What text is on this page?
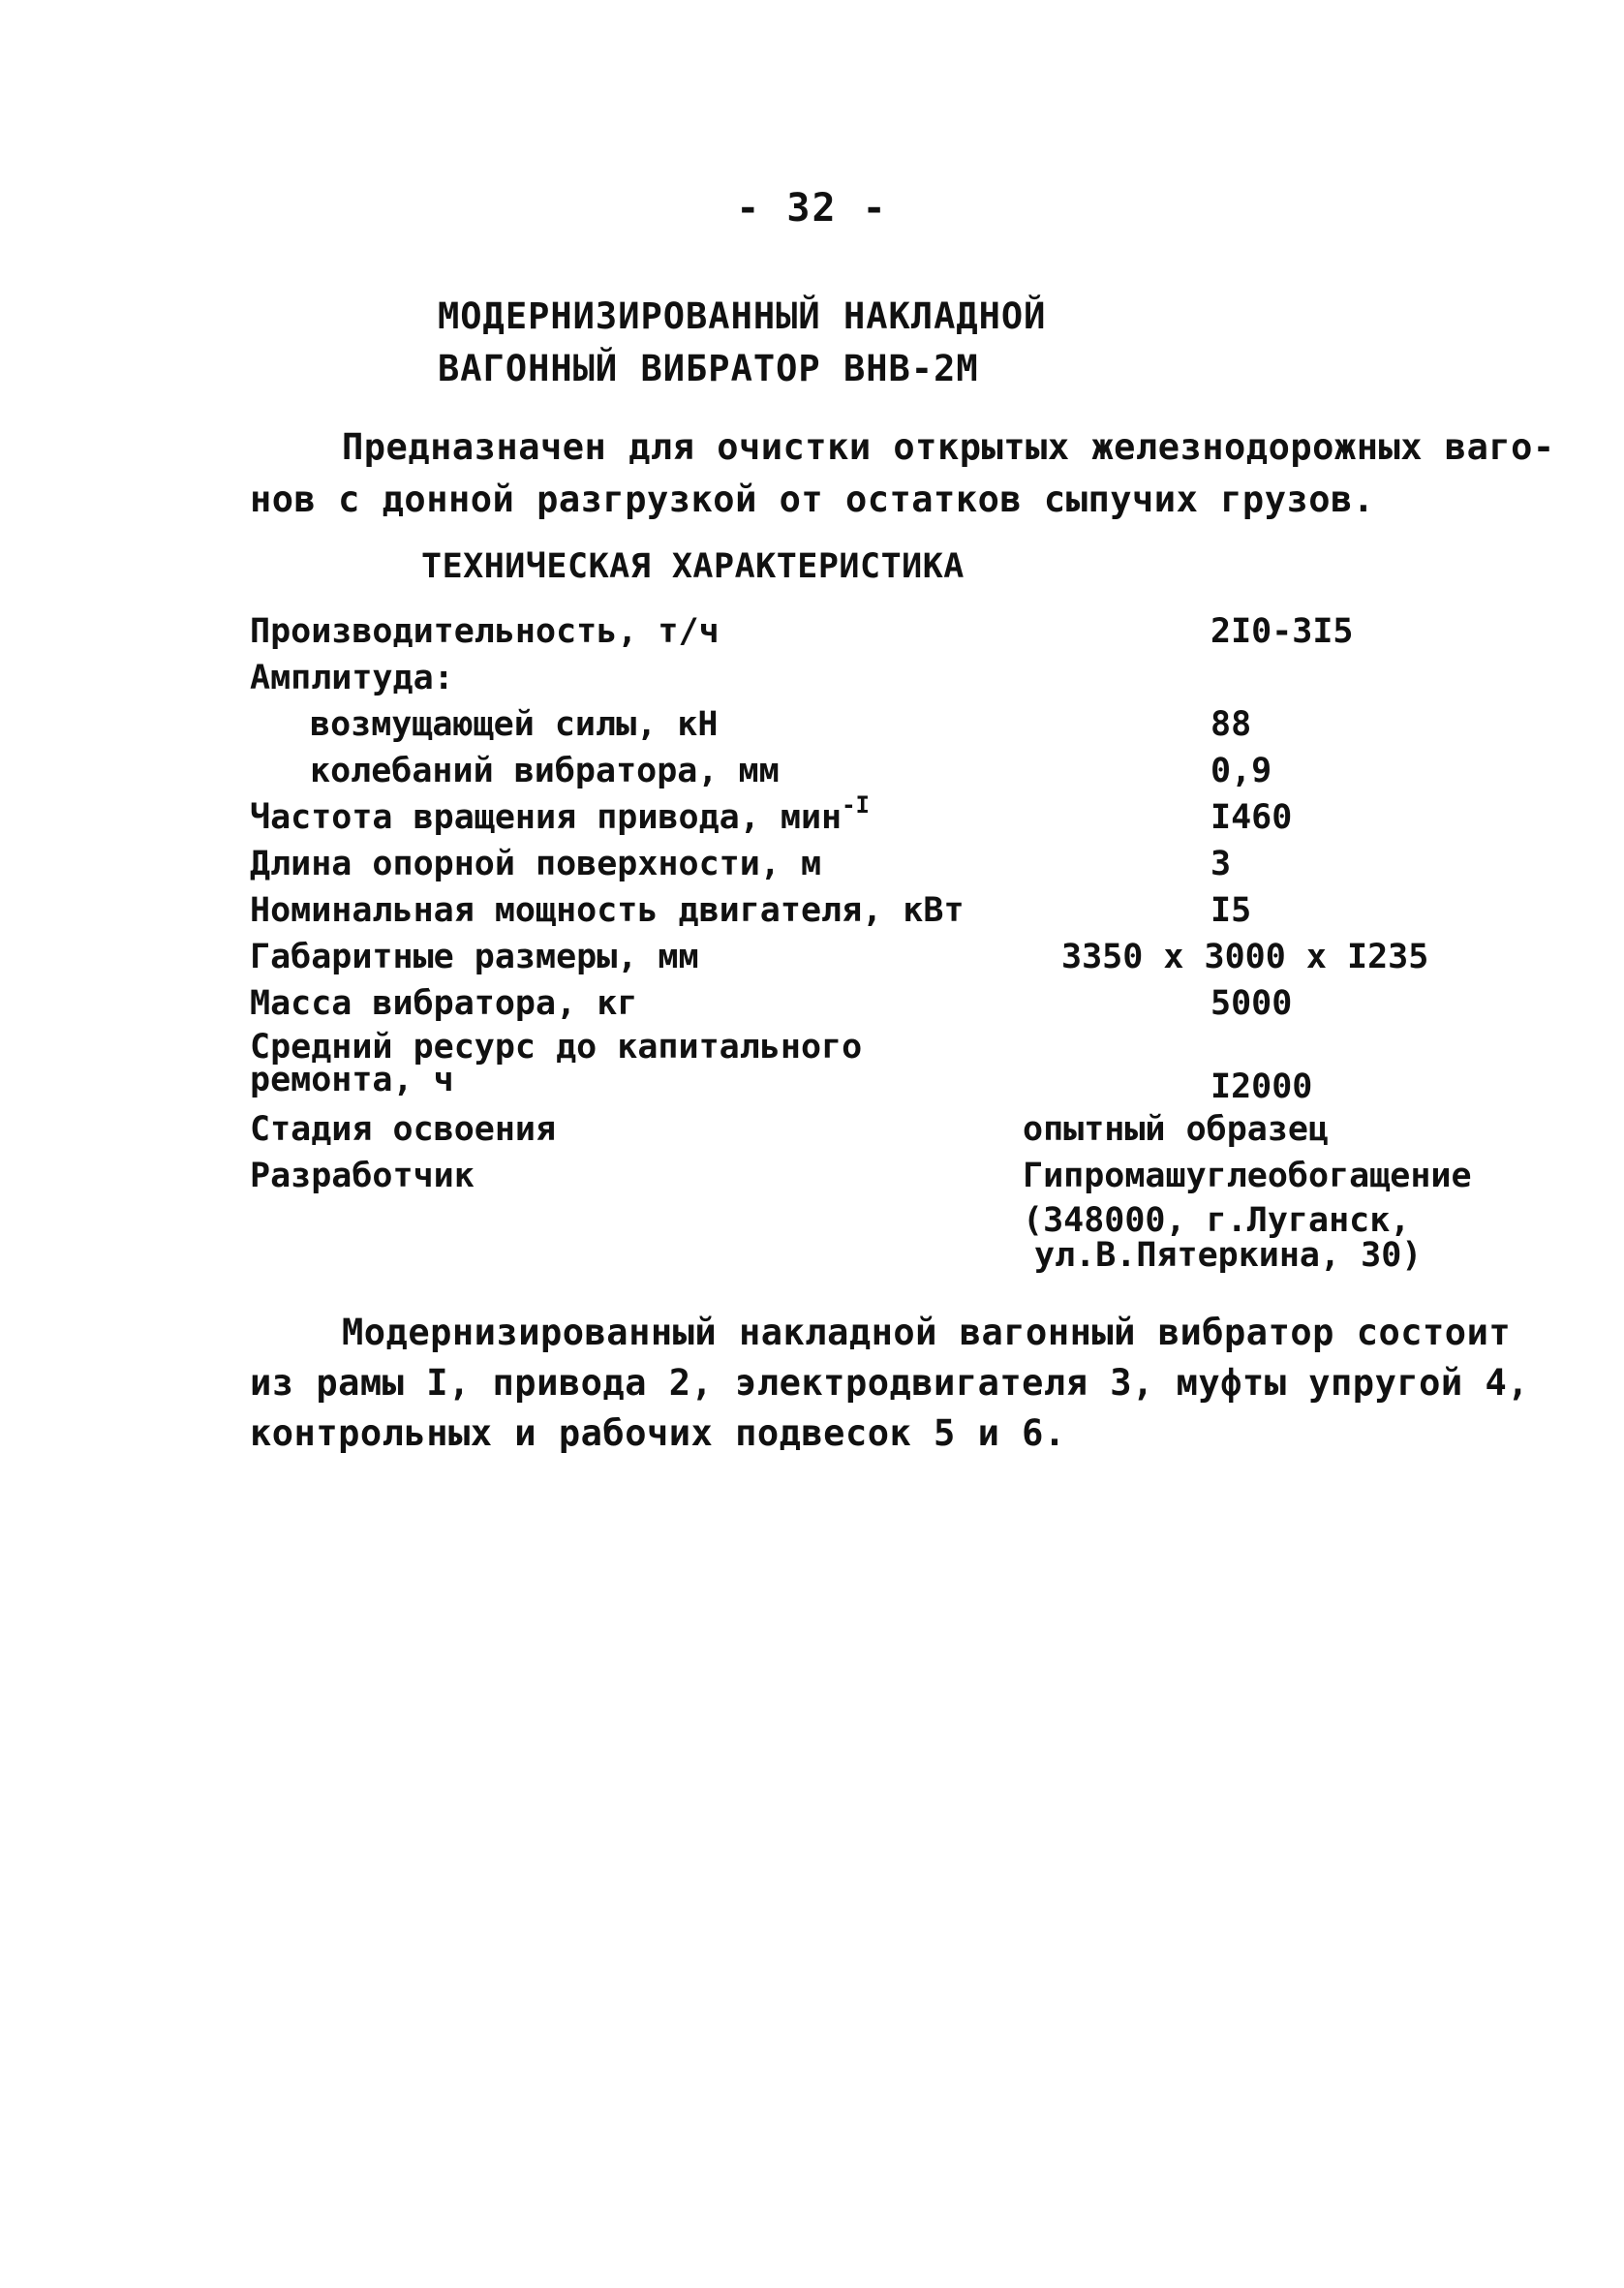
- 32 -
МОДЕРНИЗИРОВАННЫЙ НАКЛАДНОЙ
ВАГОННЫЙ ВИБРАТОР ВНВ-2М
Предназначен для очистки открытых железнодорожных ваго-
нов с донной разгрузкой от остатков сыпучих грузов.
ТЕХНИЧЕСКАЯ ХАРАКТЕРИСТИКА
Производительность, т/ч	2I0-3I5
Амплитуда:
возмущающей силы, кН	88
колебаний вибратора, мм	0,9
Частота вращения привода, мин$^{-I}$	I460
Длина опорной поверхности, м	3
Номинальная мощность двигателя, кВт	I5
Габаритные размеры, мм	3350 x 3000 x I235
Масса вибратора, кг	5000
Средний ресурс до капитального
ремонта, ч	I2000
Стадия освоения	опытный образец
Разработчик	Гипромашуглеобогащение
(348000, г.Луганск,
ул.В.Пятеркина, 30)
Модернизированный накладной вагонный вибратор состоит
из рамы I, привода 2, электродвигателя 3, муфты упругой 4,
контрольных и рабочих подвесок 5 и 6.
